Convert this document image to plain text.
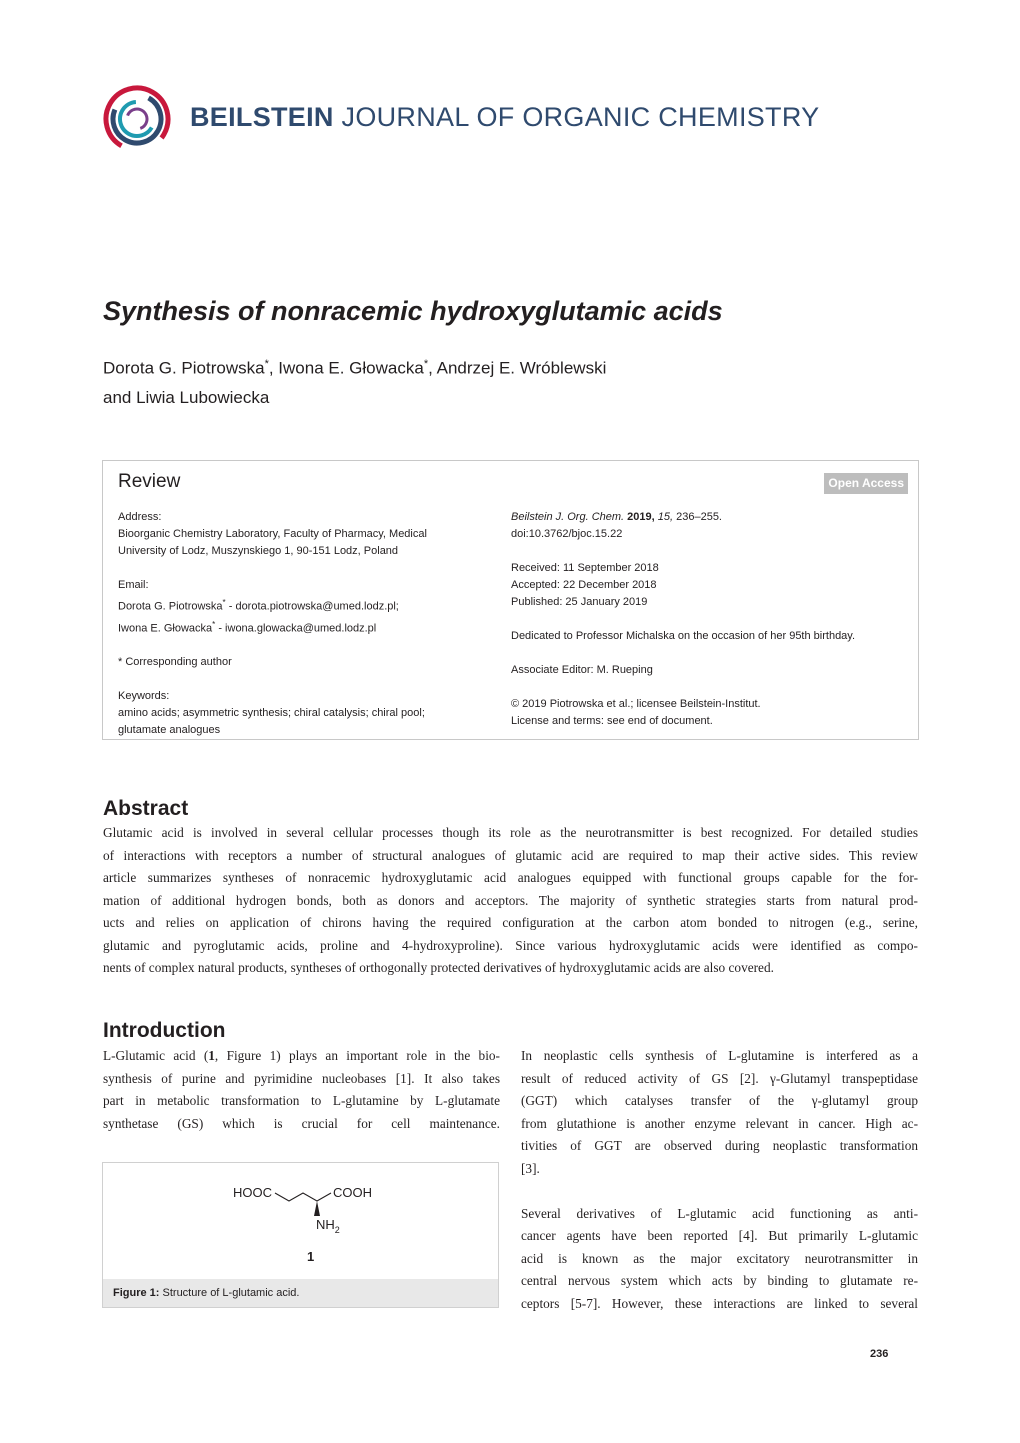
BEILSTEIN JOURNAL OF ORGANIC CHEMISTRY
Synthesis of nonracemic hydroxyglutamic acids
Dorota G. Piotrowska*, Iwona E. Głowacka*, Andrzej E. Wróblewski
and Liwia Lubowiecka
Review	Open Access

Address:

Bioorganic Chemistry Laboratory, Faculty of Pharmacy, Medical

University of Lodz, Muszynskiego 1, 90-151 Lodz, Poland

Email:

Dorota G. Piotrowska* - dorota.piotrowska@umed.lodz.pl;

Iwona E. Głowacka* - iwona.glowacka@umed.lodz.pl

* Corresponding author

Keywords:

amino acids; asymmetric synthesis; chiral catalysis; chiral pool;

glutamate analogues

Beilstein J. Org. Chem. 2019, 15, 236–255.

doi:10.3762/bjoc.15.22

Received: 11 September 2018

Accepted: 22 December 2018

Published: 25 January 2019

Dedicated to Professor Michalska on the occasion of her 95th birthday.

Associate Editor: M. Rueping

© 2019 Piotrowska et al.; licensee Beilstein-Institut.

License and terms: see end of document.

Abstract

Glutamic acid is involved in several cellular processes though its role as the neurotransmitter is best recognized. For detailed studies

of interactions with receptors a number of structural analogues of glutamic acid are required to map their active sides. This review

article summarizes syntheses of nonracemic hydroxyglutamic acid analogues equipped with functional groups capable for the for-

mation of additional hydrogen bonds, both as donors and acceptors. The majority of synthetic strategies starts from natural prod-

ucts and relies on application of chirons having the required configuration at the carbon atom bonded to nitrogen (e.g., serine,

glutamic and pyroglutamic acids, proline and 4-hydroxyproline). Since various hydroxyglutamic acids were identified as compo-

nents of complex natural products, syntheses of orthogonally protected derivatives of hydroxyglutamic acids are also covered.

Introduction

L-Glutamic acid (1, Figure 1) plays an important role in the bio-

synthesis of purine and pyrimidine nucleobases [1]. It also takes

part in metabolic transformation to L-glutamine by L-glutamate

synthetase (GS) which is crucial for cell maintenance.

In neoplastic cells synthesis of L-glutamine is interfered as a

result of reduced activity of GS [2]. γ-Glutamyl transpeptidase

(GGT) which catalyses transfer of the γ-glutamyl group

from glutathione is another enzyme relevant in cancer. High ac-

tivities of GGT are observed during neoplastic transformation

[3].

Several derivatives of L-glutamic acid functioning as anti-

cancer agents have been reported [4]. But primarily L-glutamic

acid is known as the major excitatory neurotransmitter in

central nervous system which acts by binding to glutamate re-

ceptors [5-7]. However, these interactions are linked to several

HOOC	COOH
$NH_2$
1
Figure 1: Structure of L-glutamic acid.
236
